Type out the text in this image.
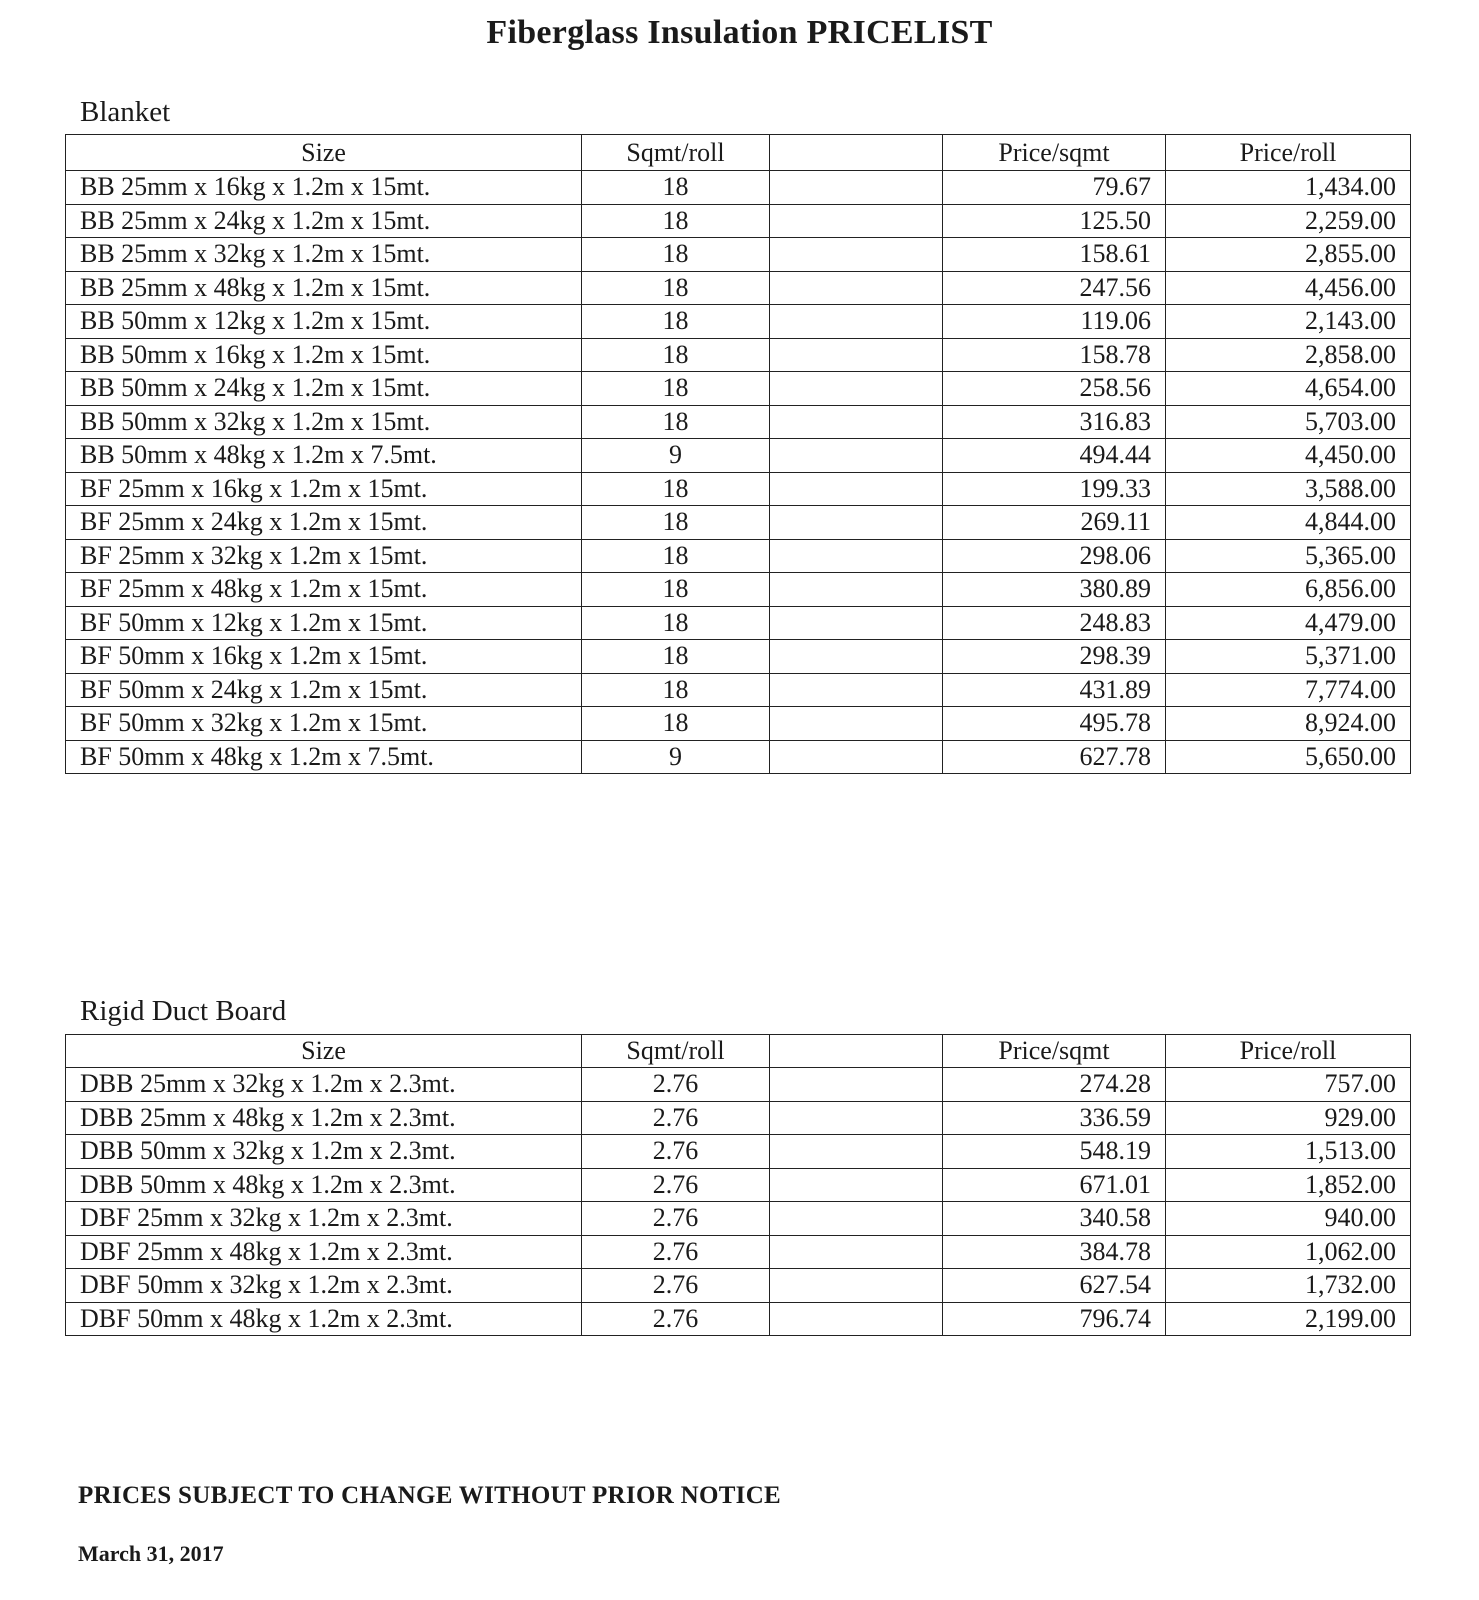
Fiberglass Insulation PRICELIST
Blanket
Size	Sqmt/roll		Price/sqmt	Price/roll
BB 25mm x 16kg x 1.2m x 15mt.	18		79.67	1,434.00
BB 25mm x 24kg x 1.2m x 15mt.	18		125.50	2,259.00
BB 25mm x 32kg x 1.2m x 15mt.	18		158.61	2,855.00
BB 25mm x 48kg x 1.2m x 15mt.	18		247.56	4,456.00
BB 50mm x 12kg x 1.2m x 15mt.	18		119.06	2,143.00
BB 50mm x 16kg x 1.2m x 15mt.	18		158.78	2,858.00
BB 50mm x 24kg x 1.2m x 15mt.	18		258.56	4,654.00
BB 50mm x 32kg x 1.2m x 15mt.	18		316.83	5,703.00
BB 50mm x 48kg x 1.2m x 7.5mt.	9		494.44	4,450.00
BF 25mm x 16kg x 1.2m x 15mt.	18		199.33	3,588.00
BF 25mm x 24kg x 1.2m x 15mt.	18		269.11	4,844.00
BF 25mm x 32kg x 1.2m x 15mt.	18		298.06	5,365.00
BF 25mm x 48kg x 1.2m x 15mt.	18		380.89	6,856.00
BF 50mm x 12kg x 1.2m x 15mt.	18		248.83	4,479.00
BF 50mm x 16kg x 1.2m x 15mt.	18		298.39	5,371.00
BF 50mm x 24kg x 1.2m x 15mt.	18		431.89	7,774.00
BF 50mm x 32kg x 1.2m x 15mt.	18		495.78	8,924.00
BF 50mm x 48kg x 1.2m x 7.5mt.	9		627.78	5,650.00
Rigid Duct Board
Size	Sqmt/roll		Price/sqmt	Price/roll
DBB 25mm x 32kg x 1.2m x 2.3mt.	2.76		274.28	757.00
DBB 25mm x 48kg x 1.2m x 2.3mt.	2.76		336.59	929.00
DBB 50mm x 32kg x 1.2m x 2.3mt.	2.76		548.19	1,513.00
DBB 50mm x 48kg x 1.2m x 2.3mt.	2.76		671.01	1,852.00
DBF 25mm x 32kg x 1.2m x 2.3mt.	2.76		340.58	940.00
DBF 25mm x 48kg x 1.2m x 2.3mt.	2.76		384.78	1,062.00
DBF 50mm x 32kg x 1.2m x 2.3mt.	2.76		627.54	1,732.00
DBF 50mm x 48kg x 1.2m x 2.3mt.	2.76		796.74	2,199.00
PRICES SUBJECT TO CHANGE WITHOUT PRIOR NOTICE
March 31, 2017
